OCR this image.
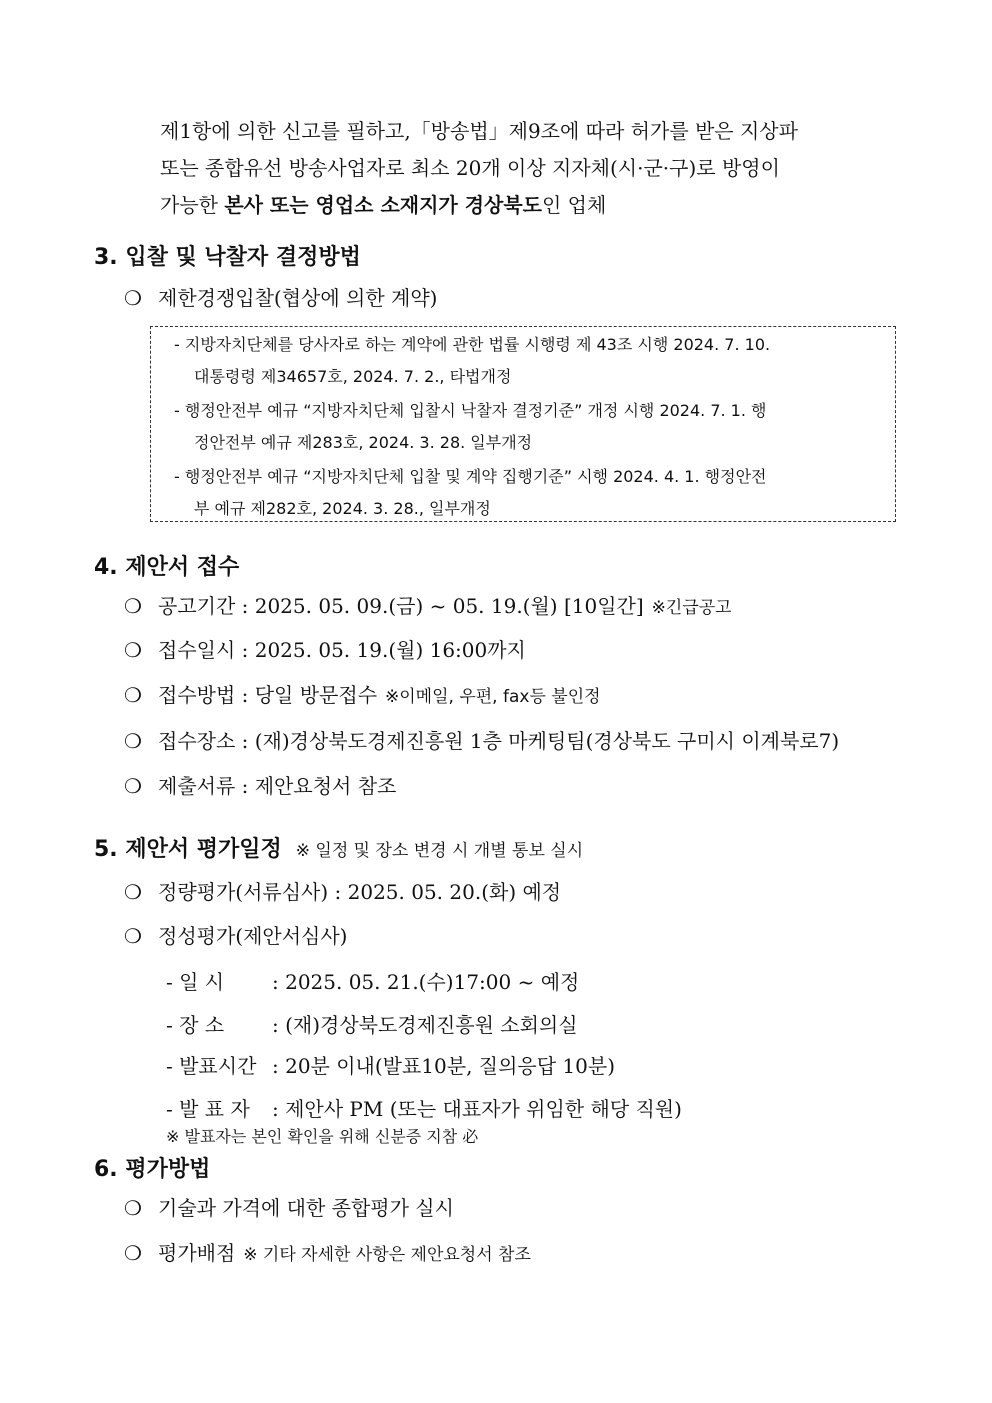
제1항에 의한 신고를 필하고,「방송법」제9조에 따라 허가를 받은 지상파
또는 종합유선 방송사업자로 최소 20개 이상 지자체(시·군·구)로 방영이
가능한 본사 또는 영업소 소재지가 경상북도인 업체
3. 입찰 및 낙찰자 결정방법
❍ 제한경쟁입찰(협상에 의한 계약)
- 지방자치단체를 당사자로 하는 계약에 관한 법률 시행령 제 43조 시행 2024. 7. 10.
대통령령 제34657호, 2024. 7. 2., 타법개정
- 행정안전부 예규 “지방자치단체 입찰시 낙찰자 결정기준” 개정 시행 2024. 7. 1. 행
정안전부 예규 제283호, 2024. 3. 28. 일부개정
- 행정안전부 예규 “지방자치단체 입찰 및 계약 집행기준” 시행 2024. 4. 1. 행정안전
부 예규 제282호, 2024. 3. 28., 일부개정
4. 제안서 접수
❍ 공고기간 : 2025. 05. 09.(금) ~ 05. 19.(월) [10일간] ※긴급공고
❍ 접수일시 : 2025. 05. 19.(월) 16:00까지
❍ 접수방법 : 당일 방문접수 ※이메일, 우편, fax등 불인정
❍ 접수장소 : (재)경상북도경제진흥원 1층 마케팅팀(경상북도 구미시 이계북로7)
❍ 제출서류 : 제안요청서 참조
5. 제안서 평가일정 ※ 일정 및 장소 변경 시 개별 통보 실시
❍ 정량평가(서류심사) : 2025. 05. 20.(화) 예정
❍ 정성평가(제안서심사)
- 일 시 : 2025. 05. 21.(수)17:00 ~ 예정
- 장 소 : (재)경상북도경제진흥원 소회의실
- 발표시간 : 20분 이내(발표10분, 질의응답 10분)
- 발 표 자 : 제안사 PM (또는 대표자가 위임한 해당 직원)
※ 발표자는 본인 확인을 위해 신분증 지참 必
6. 평가방법
❍ 기술과 가격에 대한 종합평가 실시
❍ 평가배점 ※ 기타 자세한 사항은 제안요청서 참조
